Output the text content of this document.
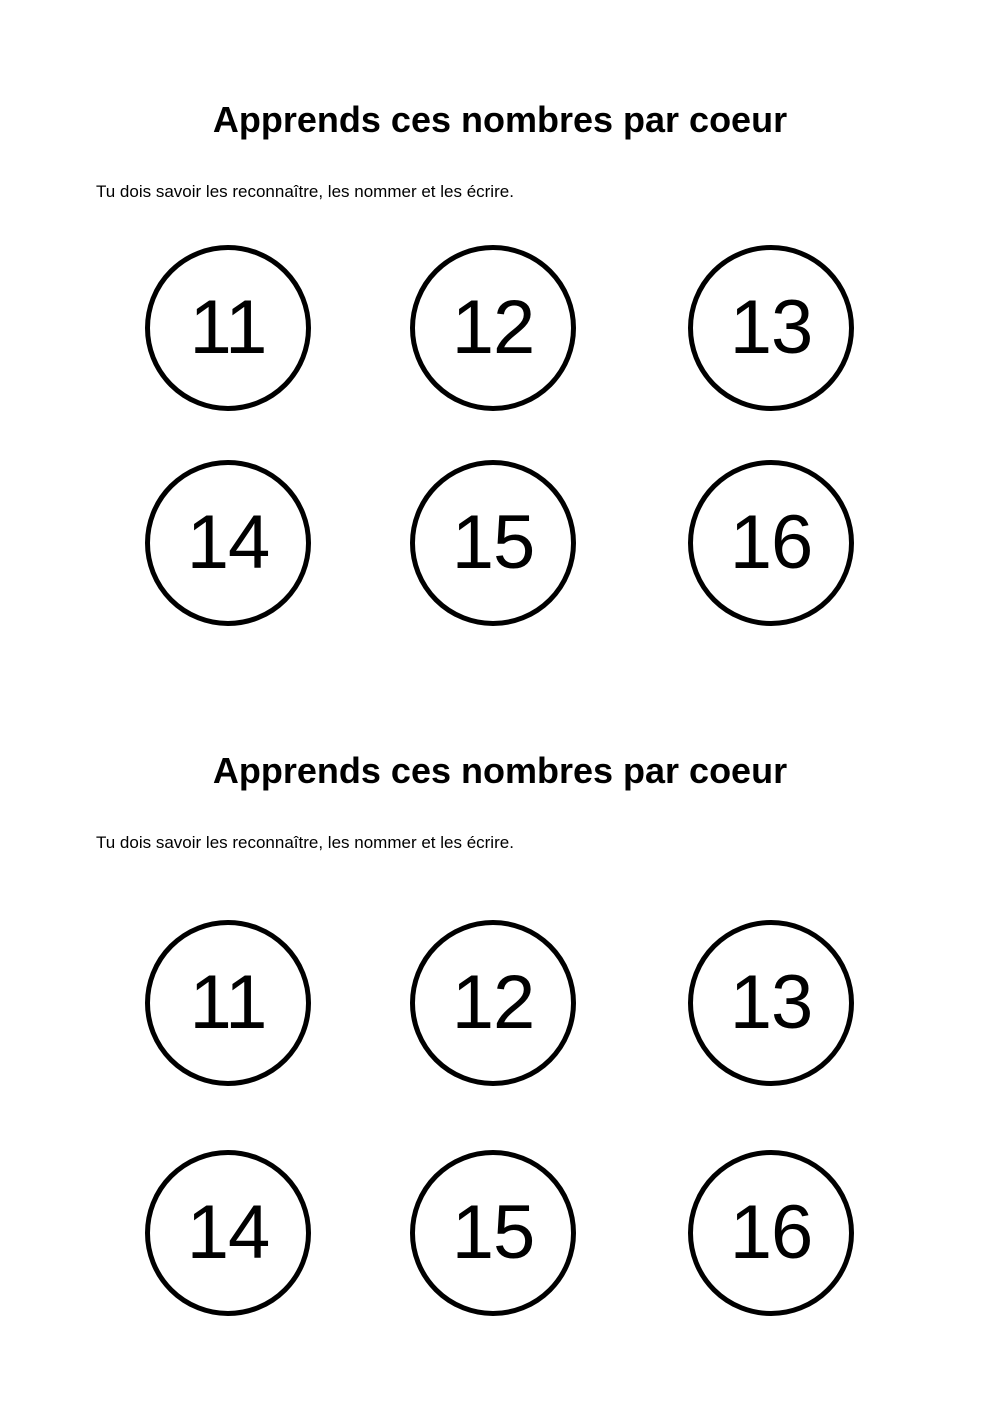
Apprends ces nombres par coeur

Tu dois savoir les reconnaître, les nommer et les écrire.

11 12	13
14 15	16
Apprends ces nombres par coeur

Tu dois savoir les reconnaître, les nommer et les écrire.

11 12	13
14 15	16
